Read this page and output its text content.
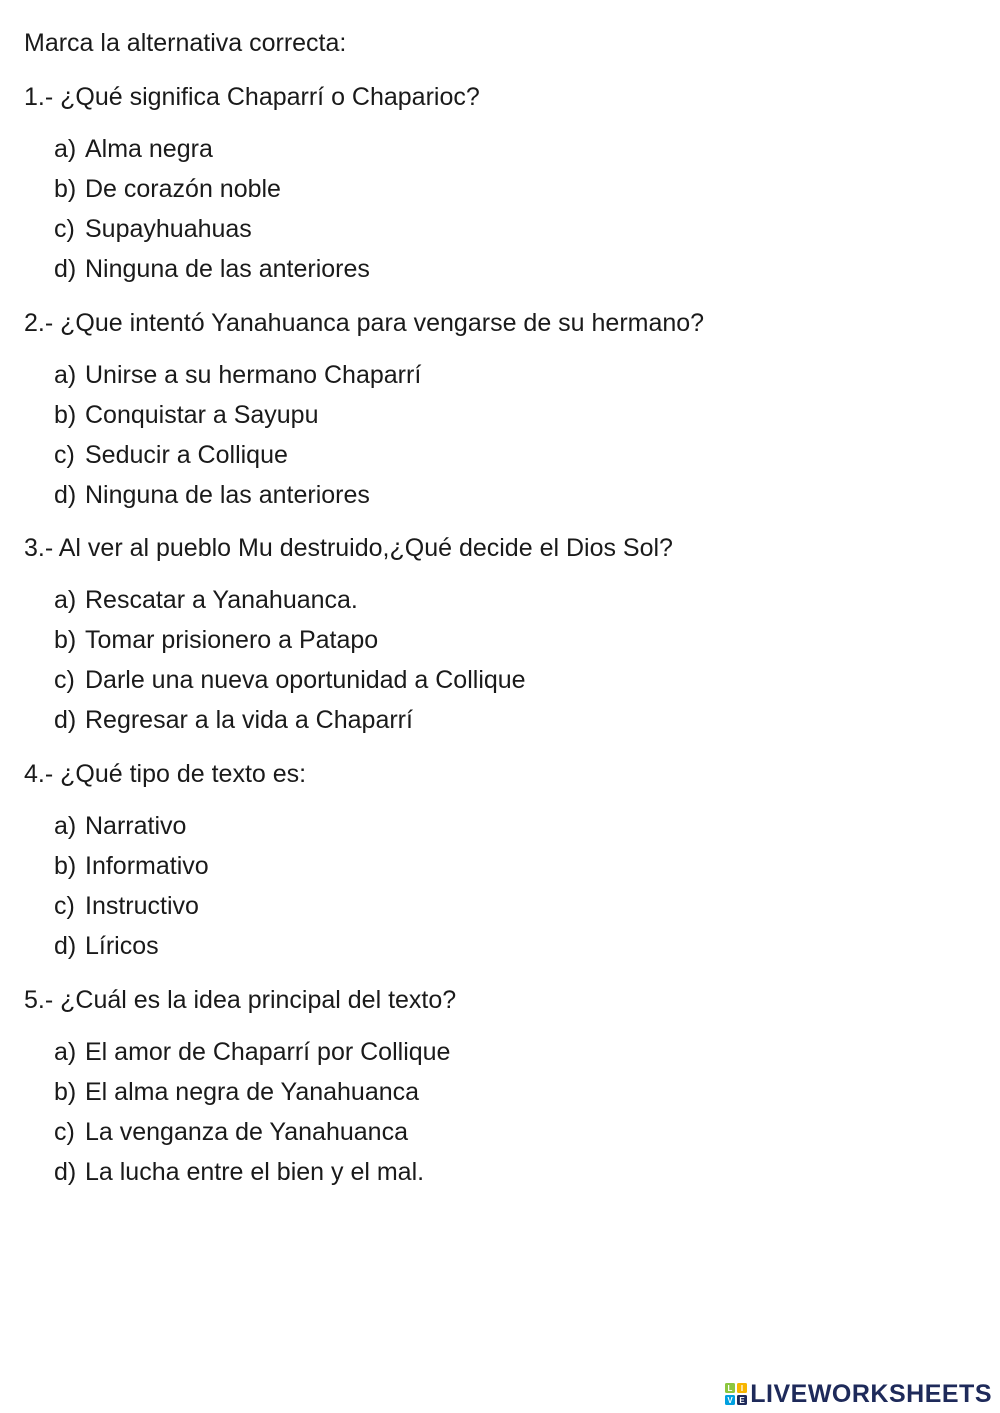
Marca la alternativa correcta:
1.- ¿Qué significa Chaparrí o Chaparioc?
a) Alma negra
b) De corazón noble
c) Supayhuahuas
d) Ninguna de las anteriores
2.- ¿Que intentó Yanahuanca para vengarse de su hermano?
a) Unirse a su hermano Chaparrí
b) Conquistar a Sayupu
c) Seducir a Collique
d) Ninguna de las anteriores
3.- Al ver al pueblo Mu destruido,¿Qué decide el Dios Sol?
a) Rescatar a Yanahuanca.
b) Tomar prisionero a Patapo
c) Darle una nueva oportunidad a Collique
d) Regresar a la vida a Chaparrí
4.- ¿Qué tipo de texto es:
a) Narrativo
b) Informativo
c) Instructivo
d) Líricos
5.- ¿Cuál es la idea principal del texto?
a) El amor de Chaparrí por Collique
b) El alma negra de Yanahuanca
c) La venganza de Yanahuanca
d) La lucha entre el bien y el mal.
L I
V E LIVEWORKSHEETS
